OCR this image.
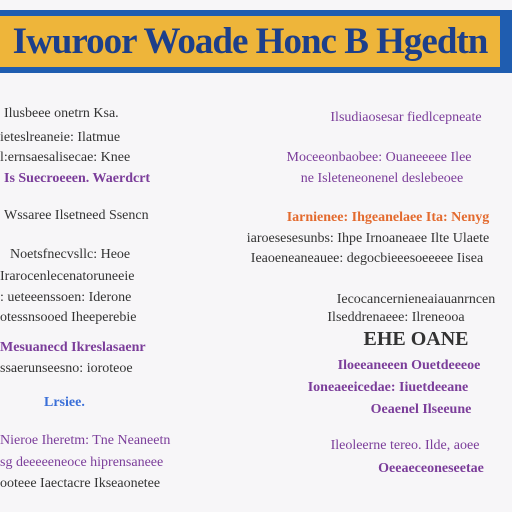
Iwuroor Woade Honc B Hgedtn
Ilusbeee onetrn Ksa.
ieteslreaneie: Ilatmue
l:ernsaesalisecae: Knee
Is Suecroeeen. Waerdcrt
Wssaree Ilsetneed Ssencn
Noetsfnecvsllc: Heoe
Irarocenlecenatoruneeie
: ueteeenssoen: Iderone
otessnsooed Iheeperebie
Mesuanecd Ikreslasaenr
ssaerunseesno: ioroteoe
Lrsiee.
Nieroe Iheretm: Tne Neaneetn
sg deeeeeneoce hiprensaneee
ooteee Iaectacre Ikseaonetee
Ilsudiaosesar fiedlcepneate
Moceeonbaobee: Ouaneeeee Ilee
ne Isleteneonenel deslebeoee
Iarnienee: Ihgeanelaee Ita: Nenyg
iaroesesesunbs: Ihpe Irnoaneaee Ilte Ulaete
Ieaoeneaneauee: degocbieeesoeeeee Iisea
Iecocancernieneaiauanrncen
Ilseddrenaeee: Ilreneooa
EHE OANE
Iloeeaneeen Ouetdeeeoe
Ioneaeeicedae: Iiuetdeeane
Oeaenel Ilseeune
Ileoleerne tereo. Ilde, aoee
Oeeaeceoneseetae
